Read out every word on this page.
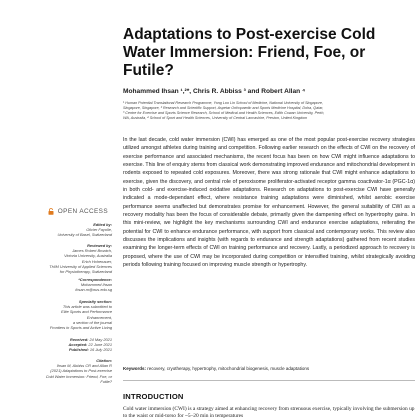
OPEN ACCESS
Edited by:
Olivier Fayolle,
University of Basel, Switzerland
Reviewed by:
James Robert Broatch,
Victoria University, Australia
Erich Hohenauer,
THIM University of Applied Sciences
for Physiotherapy, Switzerland
*Correspondence:
Mohammed Ihsan
ihsan.m@nus.edu.sg
Specialty section:
This article was submitted to
Elite Sports and Performance
Enhancement,
a section of the journal
Frontiers in Sports and Active Living
Received: 24 May 2021
Accepted: 22 June 2021
Published: 16 July 2021
Citation:
Ihsan M, Abbiss CR and Allan R
(2021) Adaptations to Post-exercise
Cold Water Immersion: Friend, Foe, or
Futile?
Adaptations to Post-exercise Cold Water Immersion: Friend, Foe, or Futile?
Mohammed Ihsan ¹,²*, Chris R. Abbiss ³ and Robert Allan ⁴
¹ Human Potential Translational Research Programme, Yong Loo Lin School of Medicine, National University of Singapore,
Singapore, Singapore, ² Research and Scientific Support, Aspetar Orthopaedic and Sports Medicine Hospital, Doha, Qatar,
³ Centre for Exercise and Sports Science Research, School of Medical and Health Sciences, Edith Cowan University, Perth,
WA, Australia, ⁴ School of Sport and Health Sciences, University of Central Lancashire, Preston, United Kingdom

In the last decade, cold water immersion (CWI) has emerged as one of the most popular post-exercise recovery strategies utilized amongst athletes during training and competition. Following earlier research on the effects of CWI on the recovery of exercise performance and associated mechanisms, the recent focus has been on how CWI might influence adaptations to exercise. This line of enquiry stems from classical work demonstrating improved endurance and mitochondrial development in rodents exposed to repeated cold exposures. Moreover, there was strong rationale that CWI might enhance adaptations to exercise, given the discovery, and central role of peroxisome proliferator-activated receptor gamma coactivator-1α (PGC-1α) in both cold- and exercise-induced oxidative adaptations. Research on adaptations to post-exercise CWI have generally indicated a mode-dependant effect, where resistance training adaptations were diminished, whilst aerobic exercise performance seems unaffected but demonstrates promise for enhancement. However, the general suitability of CWI as a recovery modality has been the focus of considerable debate, primarily given the dampening effect on hypertrophy gains. In this mini-review, we highlight the key mechanisms surrounding CWI and endurance exercise adaptations, reiterating the potential for CWI to enhance endurance performance, with support from classical and contemporary works. This review also discusses the implications and insights (with regards to endurance and strength adaptations) gathered from recent studies examining the longer-term effects of CWI on training performance and recovery. Lastly, a periodized approach to recovery is proposed, where the use of CWI may be incorporated during competition or intensified training, whilst strategically avoiding periods following training focused on improving muscle strength or hypertrophy.

Keywords: recovery, cryotherapy, hypertrophy, mitochondrial biogenesis, muscle adaptations
INTRODUCTION
Cold water immersion (CWI) is a strategy aimed at enhancing recovery from strenuous exercise, typically involving the submersion up to the waist or mid-torso for ~5–20 min in temperatures
